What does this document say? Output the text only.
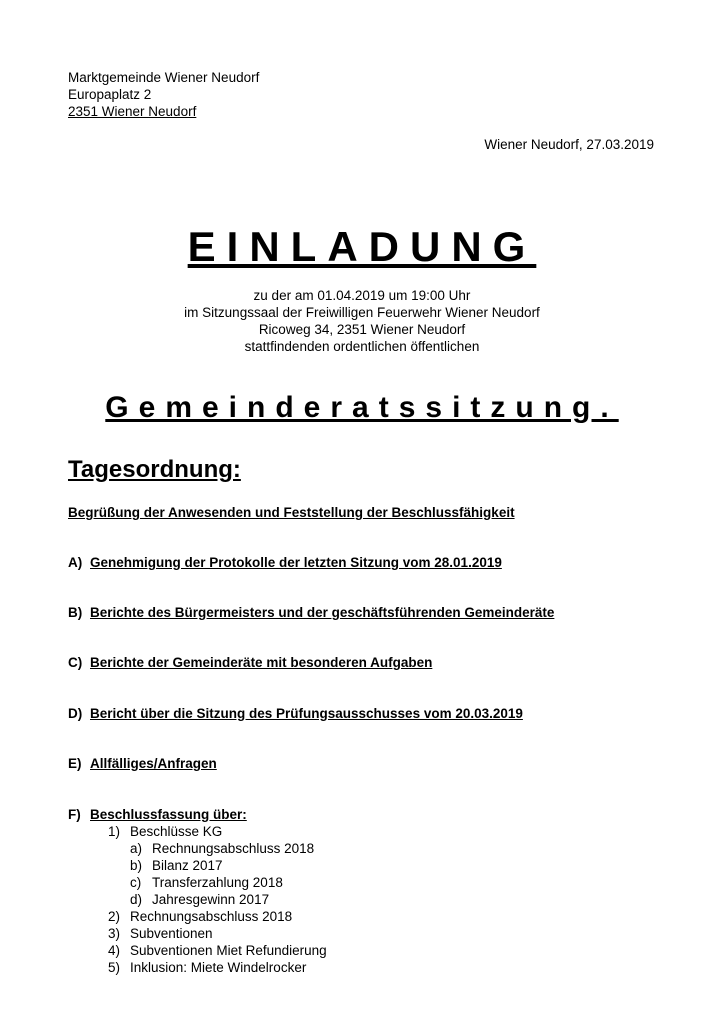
Marktgemeinde Wiener Neudorf
Europaplatz 2
2351 Wiener Neudorf
Wiener Neudorf, 27.03.2019
EINLADUNG
zu der am 01.04.2019 um 19:00 Uhr
im Sitzungssaal der Freiwilligen Feuerwehr Wiener Neudorf
Ricoweg 34, 2351 Wiener Neudorf
stattfindenden ordentlichen öffentlichen
Gemeinderatssitzung.
Tagesordnung:
Begrüßung der Anwesenden und Feststellung der Beschlussfähigkeit
A) Genehmigung der Protokolle der letzten Sitzung vom 28.01.2019
B) Berichte des Bürgermeisters und der geschäftsführenden Gemeinderäte
C) Berichte der Gemeinderäte mit besonderen Aufgaben
D) Bericht über die Sitzung des Prüfungsausschusses vom 20.03.2019
E) Allfälliges/Anfragen
F) Beschlussfassung über:
1) Beschlüsse KG
a) Rechnungsabschluss 2018
b) Bilanz 2017
c) Transferzahlung 2018
d) Jahresgewinn 2017
2) Rechnungsabschluss 2018
3) Subventionen
4) Subventionen Miet Refundierung
5) Inklusion: Miete Windelrocker
